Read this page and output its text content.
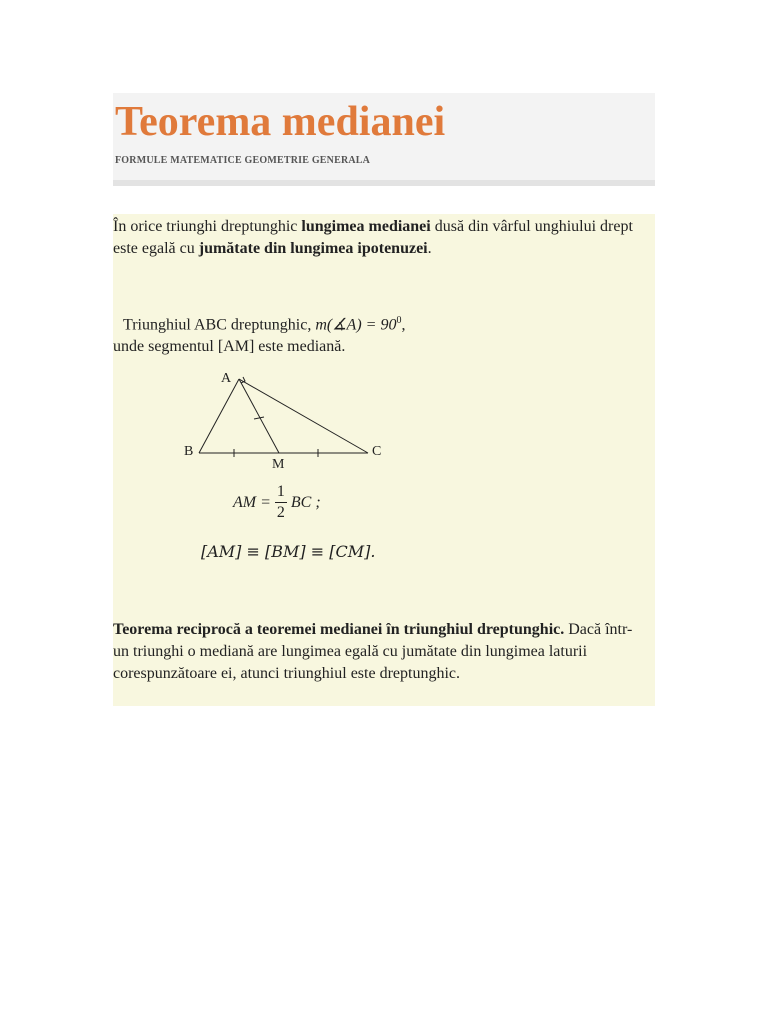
Teorema medianei
FORMULE MATEMATICE GEOMETRIE GENERALA

În orice triunghi dreptunghic lungimea medianei dusă din vârful unghiului drept este egală cu jumătate din lungimea ipotenuzei.

Triunghiul ABC dreptunghic, m(∡A) = $90^0$,
unde segmentul [AM] este mediană.
A
B	C
M
AM = $\frac{1}{2}$ BC ;
[AM] ≡ [BM] ≡ [CM].

Teorema reciprocă a teoremei medianei în triunghiul dreptunghic. Dacă într-un triunghi o mediană are lungimea egală cu jumătate din lungimea laturii corespunzătoare ei, atunci triunghiul este dreptunghic.
